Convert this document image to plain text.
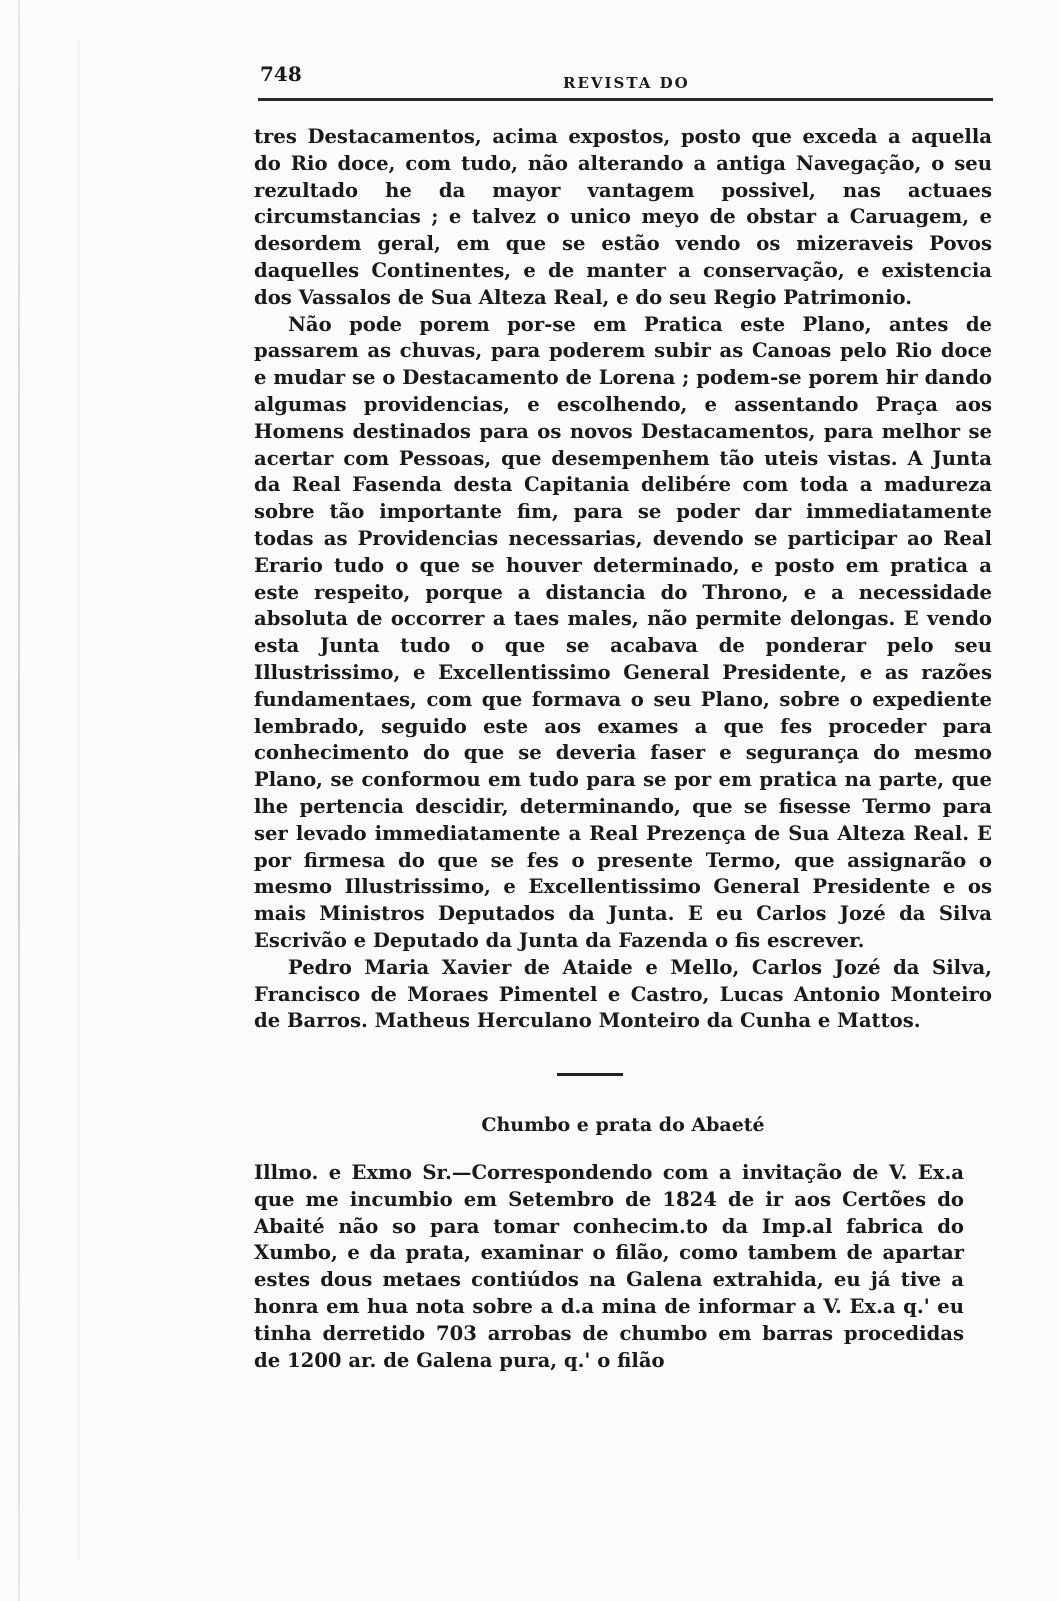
748	REVISTA DO

tres Destacamentos, acima expostos, posto que exceda a aquella do Rio doce, com tudo, não alterando a antiga Navegação, o seu rezultado he da mayor vantagem possivel, nas actuaes circumstancias ; e talvez o unico meyo de obstar a Caruagem, e desordem geral, em que se estão vendo os mizeraveis Povos daquelles Continentes, e de manter a conservação, e existencia dos Vassalos de Sua Alteza Real, e do seu Regio Patrimonio.

Não pode porem por-se em Pratica este Plano, antes de passarem as chuvas, para poderem subir as Canoas pelo Rio doce e mudar se o Destacamento de Lorena ; podem-se porem hir dando algumas providencias, e escolhendo, e assentando Praça aos Homens destinados para os novos Destacamentos, para melhor se acertar com Pessoas, que desempenhem tão uteis vistas. A Junta da Real Fasenda desta Capitania delibére com toda a madureza sobre tão importante fim, para se poder dar immediatamente todas as Providencias necessarias, devendo se participar ao Real Erario tudo o que se houver determinado, e posto em pratica a este respeito, porque a distancia do Throno, e a necessidade absoluta de occorrer a taes males, não permite delongas. E vendo esta Junta tudo o que se acabava de ponderar pelo seu Illustrissimo, e Excellentissimo General Presidente, e as razões fundamentaes, com que formava o seu Plano, sobre o expediente lembrado, seguido este aos exames a que fes proceder para conhecimento do que se deveria faser e segurança do mesmo Plano, se conformou em tudo para se por em pratica na parte, que lhe pertencia descidir, determinando, que se fisesse Termo para ser levado immediatamente a Real Prezença de Sua Alteza Real. E por firmesa do que se fes o presente Termo, que assignarão o mesmo Illustrissimo, e Excellentissimo General Presidente e os mais Ministros Deputados da Junta. E eu Carlos Jozé da Silva Escrivão e Deputado da Junta da Fazenda o fis escrever.

Pedro Maria Xavier de Ataide e Mello, Carlos Jozé da Silva, Francisco de Moraes Pimentel e Castro, Lucas Antonio Monteiro de Barros. Matheus Herculano Monteiro da Cunha e Mattos.

Chumbo e prata do Abaeté

Illmo. e Exmo Sr.—Correspondendo com a invitação de V. Ex.a que me incumbio em Setembro de 1824 de ir aos Certões do Abaité não so para tomar conhecim.to da Imp.al fabrica do Xumbo, e da prata, examinar o filão, como tambem de apartar estes dous metaes contiúdos na Galena extrahida, eu já tive a honra em hua nota sobre a d.a mina de informar a V. Ex.a q.' eu tinha derretido 703 arrobas de chumbo em barras procedidas de 1200 ar. de Galena pura, q.' o filão
